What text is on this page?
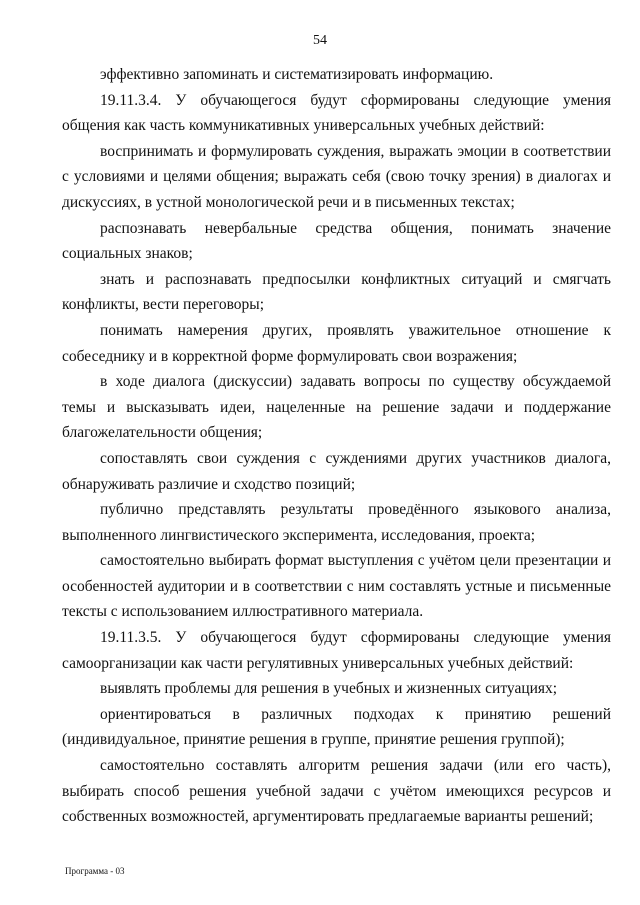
54

эффективно запоминать и систематизировать информацию.

19.11.3.4. У обучающегося будут сформированы следующие умения общения как часть коммуникативных универсальных учебных действий:

воспринимать и формулировать суждения, выражать эмоции в соответствии с условиями и целями общения; выражать себя (свою точку зрения) в диалогах и дискуссиях, в устной монологической речи и в письменных текстах;

распознавать невербальные средства общения, понимать значение социальных знаков;

знать и распознавать предпосылки конфликтных ситуаций и смягчать конфликты, вести переговоры;

понимать намерения других, проявлять уважительное отношение к собеседнику и в корректной форме формулировать свои возражения;

в ходе диалога (дискуссии) задавать вопросы по существу обсуждаемой темы и высказывать идеи, нацеленные на решение задачи и поддержание благожелательности общения;

сопоставлять свои суждения с суждениями других участников диалога, обнаруживать различие и сходство позиций;

публично представлять результаты проведённого языкового анализа, выполненного лингвистического эксперимента, исследования, проекта;

самостоятельно выбирать формат выступления с учётом цели презентации и особенностей аудитории и в соответствии с ним составлять устные и письменные тексты с использованием иллюстративного материала.

19.11.3.5. У обучающегося будут сформированы следующие умения самоорганизации как части регулятивных универсальных учебных действий:

выявлять проблемы для решения в учебных и жизненных ситуациях;

ориентироваться в различных подходах к принятию решений (индивидуальное, принятие решения в группе, принятие решения группой);

самостоятельно составлять алгоритм решения задачи (или его часть), выбирать способ решения учебной задачи с учётом имеющихся ресурсов и собственных возможностей, аргументировать предлагаемые варианты решений;

Программа - 03
